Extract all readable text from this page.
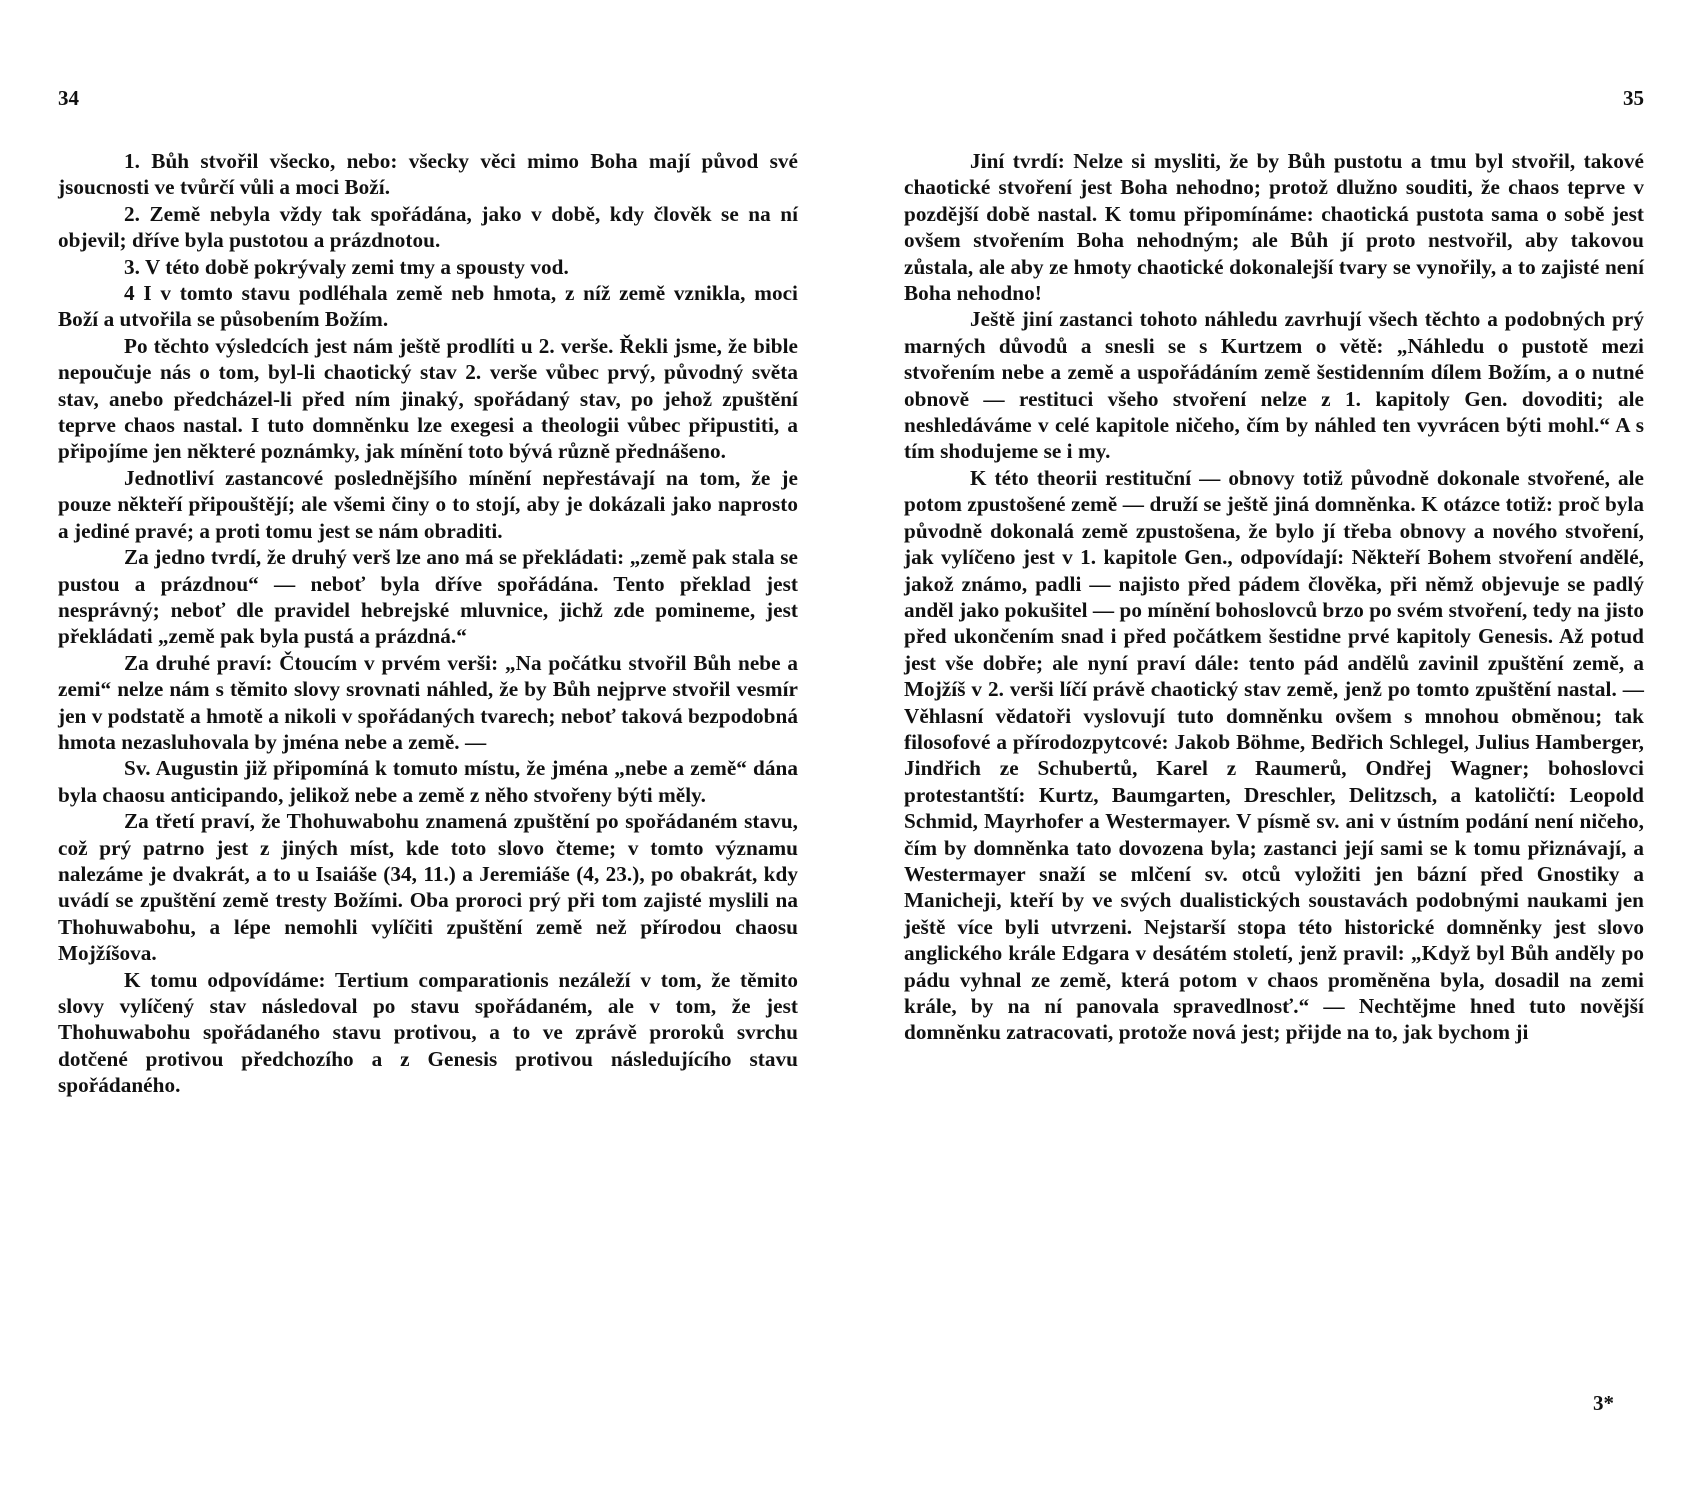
34

1. Bůh stvořil všecko, nebo: všecky věci mimo Boha mají původ své jsoucnosti ve tvůrčí vůli a moci Boží.

2. Země nebyla vždy tak spořádána, jako v době, kdy člověk se na ní objevil; dříve byla pustotou a prázdnotou.

3. V této době pokrývaly zemi tmy a spousty vod.

4 I v tomto stavu podléhala země neb hmota, z níž země vznikla, moci Boží a utvořila se působením Božím.

Po těchto výsledcích jest nám ještě prodlíti u 2. verše. Řekli jsme, že bible nepoučuje nás o tom, byl-li chaotický stav 2. verše vůbec prvý, původný světa stav, anebo předcházel-li před ním jinaký, spořádaný stav, po jehož zpuštění teprve chaos nastal. I tuto domněnku lze exegesi a theologii vůbec připustiti, a připojíme jen některé poznámky, jak mínění toto bývá různě přednášeno.

Jednotliví zastancové poslednějšího mínění nepřestávají na tom, že je pouze někteří připouštějí; ale všemi činy o to stojí, aby je dokázali jako naprosto a jediné pravé; a proti tomu jest se nám obraditi.

Za jedno tvrdí, že druhý verš lze ano má se překládati: „země pak stala se pustou a prázdnou“ — neboť byla dříve spořádána. Tento překlad jest nesprávný; neboť dle pravidel hebrejské mluvnice, jichž zde pomineme, jest překládati „země pak byla pustá a prázdná.“

Za druhé praví: Čtoucím v prvém verši: „Na počátku stvořil Bůh nebe a zemi“ nelze nám s těmito slovy srovnati náhled, že by Bůh nejprve stvořil vesmír jen v podstatě a hmotě a nikoli v spořádaných tvarech; neboť taková bezpodobná hmota nezasluhovala by jména nebe a země. —

Sv. Augustin již připomíná k tomuto místu, že jména „nebe a země“ dána byla chaosu anticipando, jelikož nebe a země z něho stvořeny býti měly.

Za třetí praví, že Thohuwabohu znamená zpuštění po spořádaném stavu, což prý patrno jest z jiných míst, kde toto slovo čteme; v tomto významu nalezáme je dvakrát, a to u Isaiáše (34, 11.) a Jeremiáše (4, 23.), po obakrát, kdy uvádí se zpuštění země tresty Božími. Oba proroci prý při tom zajisté myslili na Thohuwabohu, a lépe nemohli vylíčiti zpuštění země než přírodou chaosu Mojžíšova.

K tomu odpovídáme: Tertium comparationis nezáleží v tom, že těmito slovy vylíčený stav následoval po stavu spořádaném, ale v tom, že jest Thohuwabohu spořádaného stavu protivou, a to ve zprávě proroků svrchu dotčené protivou předchozího a z Genesis protivou následujícího stavu spořádaného.

35

Jiní tvrdí: Nelze si mysliti, že by Bůh pustotu a tmu byl stvořil, takové chaotické stvoření jest Boha nehodno; protož dlužno souditi, že chaos teprve v pozdější době nastal. K tomu připomínáme: chaotická pustota sama o sobě jest ovšem stvořením Boha nehodným; ale Bůh jí proto nestvořil, aby takovou zůstala, ale aby ze hmoty chaotické dokonalejší tvary se vynořily, a to zajisté není Boha nehodno!

Ještě jiní zastanci tohoto náhledu zavrhují všech těchto a podobných prý marných důvodů a snesli se s Kurtzem o větě: „Náhledu o pustotě mezi stvořením nebe a země a uspořádáním země šestidenním dílem Božím, a o nutné obnově — restituci všeho stvoření nelze z 1. kapitoly Gen. dovoditi; ale neshledáváme v celé kapitole ničeho, čím by náhled ten vyvrácen býti mohl.“ A s tím shodujeme se i my.

K této theorii restituční — obnovy totiž původně dokonale stvořené, ale potom zpustošené země — druží se ještě jiná domněnka. K otázce totiž: proč byla původně dokonalá země zpustošena, že bylo jí třeba obnovy a nového stvoření, jak vylíčeno jest v 1. kapitole Gen., odpovídají: Někteří Bohem stvoření andělé, jakož známo, padli — najisto před pádem člověka, při němž objevuje se padlý anděl jako pokušitel — po mínění bohoslovců brzo po svém stvoření, tedy na jisto před ukončením snad i před počátkem šestidne prvé kapitoly Genesis. Až potud jest vše dobře; ale nyní praví dále: tento pád andělů zavinil zpuštění země, a Mojžíš v 2. verši líčí právě chaotický stav země, jenž po tomto zpuštění nastal. — Věhlasní vědatoři vyslovují tuto domněnku ovšem s mnohou obměnou; tak filosofové a přírodozpytcové: Jakob Böhme, Bedřich Schlegel, Julius Hamberger, Jindřich ze Schubertů, Karel z Raumerů, Ondřej Wagner; bohoslovci protestantští: Kurtz, Baumgarten, Dreschler, Delitzsch, a katoličtí: Leopold Schmid, Mayrhofer a Westermayer. V písmě sv. ani v ústním podání není ničeho, čím by domněnka tato dovozena byla; zastanci její sami se k tomu přiznávají, a Westermayer snaží se mlčení sv. otců vyložiti jen bázní před Gnostiky a Manicheji, kteří by ve svých dualistických soustavách podobnými naukami jen ještě více byli utvrzeni. Nejstarší stopa této historické domněnky jest slovo anglického krále Edgara v desátém století, jenž pravil: „Když byl Bůh anděly po pádu vyhnal ze země, která potom v chaos proměněna byla, dosadil na zemi krále, by na ní panovala spravedlnosť.“ — Nechtějme hned tuto novější domněnku zatracovati, protože nová jest; přijde na to, jak bychom ji

3*
